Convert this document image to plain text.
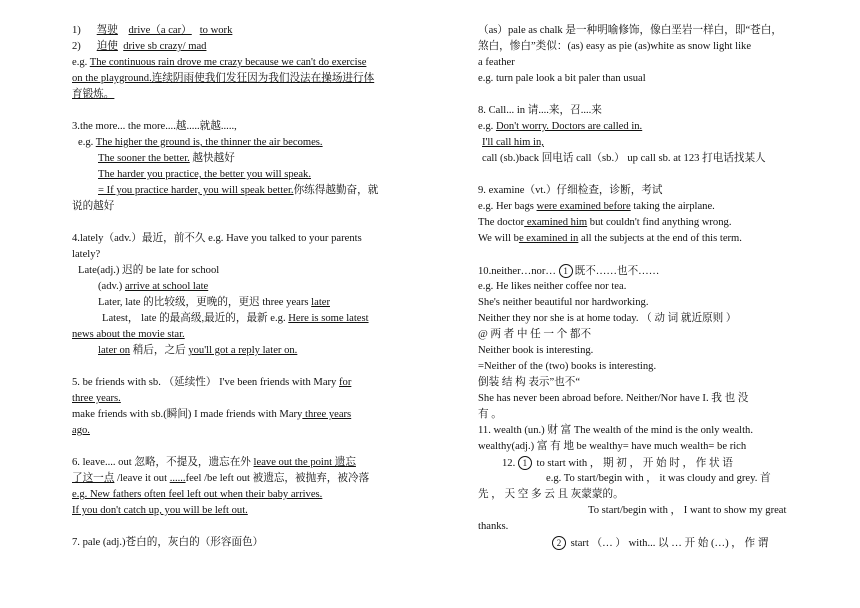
1) 驾驶 drive（a car） to work
2) 迫使 drive sb crazy/ mad
e.g. The continuous rain drove me crazy because we can't do exercise
on the playground.连续阴雨使我们发狂因为我们没法在操场进行体
育锻炼。
3.the more... the more....越.....就越.....,
e.g. The higher the ground is, the thinner the air becomes.
The sooner the better. 越快越好
The harder you practice, the better you will speak.
= If you practice harder, you will speak better.你练得越勤奋，就
说的越好
4.lately（adv.）最近，前不久 e.g. Have you talked to your parents
lately?
Late(adj.) 迟的 be late for school
(adv.) arrive at school late
Later, late 的比较级，更晚的，更迟 three years later
Latest， late 的最高级,最近的，最新 e.g. Here is some latest
news about the movie star.
later on 稍后，之后 you'll got a reply later on.
5. be friends with sb. （延续性） I've been friends with Mary for
three years.
make friends with sb.(瞬间) I made friends with Mary three years
ago.
6. leave.... out 忽略，不提及，遗忘在外 leave out the point 遗忘
了这一点 /leave it out ......feel /be left out 被遗忘，被抛弃，被冷落
e.g. New fathers often feel left out when their baby arrives.
If you don't catch up, you will be left out.
7. pale (adj.)苍白的，灰白的（形容面色）
（as）pale as chalk 是一种明喻修饰，像白垩岩一样白，即“苍白，
煞白，惨白”类似：(as) easy as pie (as)white as snow light like
a feather
e.g. turn pale look a bit paler than usual
8. Call... in 请....来，召....来
e.g. Don't worry. Doctors are called in.
I'll call him in,
call (sb.)back 回电话 call（sb.） up call sb. at 123 打电话找某人
9. examine（vt.）仔细检查，诊断，考试
e.g. Her bags were examined before taking the airplane.
The doctor examined him but couldn't find anything wrong.
We will be examined in all the subjects at the end of this term.
10.neither…nor… 1 既不……也不……
e.g. He likes neither coffee nor tea.
She's neither beautiful nor hardworking.
Neither they nor she is at home today. （ 动 词 就近原则 ）
@ 两 者 中 任 一 个 都不
Neither book is interesting.
=Neither of the (two) books is interesting.
倒装 结 构 表示”也不“
She has never been abroad before. Neither/Nor have I. 我 也 没
有 。
11. wealth (un.) 财 富 The wealth of the mind is the only wealth.
wealthy(adj.) 富 有 地 be wealthy= have much wealth= be rich
12. 1 to start with ， 期 初 ， 开 始 时 ， 作 状 语
e.g. To start/begin with ， it was cloudy and grey. 首
先 ， 天 空 多 云 且 灰蒙蒙的。
To start/begin with ， I want to show my great
thanks.
2 start （… ） with... 以 … 开 始 (…) ， 作 谓
